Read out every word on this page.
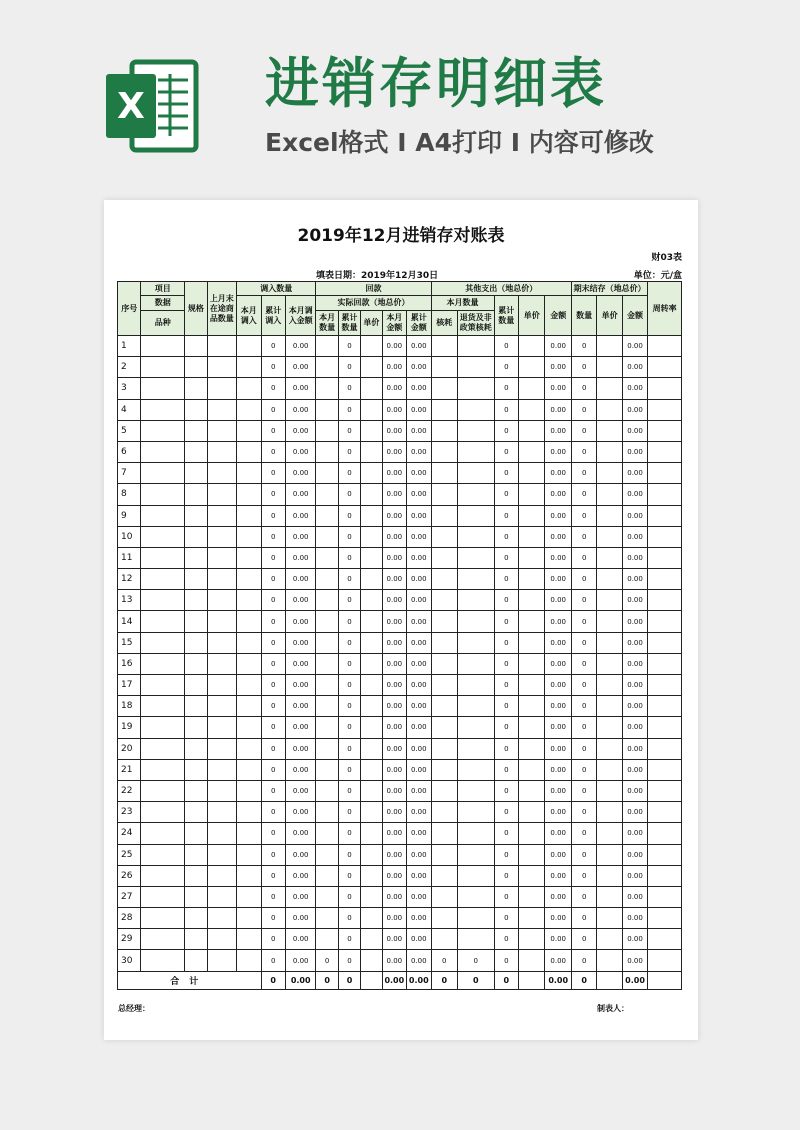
X 进销存明细表
Excel格式 I A4打印 I 内容可修改
2019年12月进销存对账表
财03表
填表日期：2019年12月30日	单位：元/盒
序号	项目	规格	上月末在途商品数量	调入数量			回款					其他支出（地总价）					期末结存（地总价）			周转率
	数据			本月调入	累计调入	本月调入金额	实际回款（地总价）					本月数量		累计数量	单价	金额	数量	单价	金额	
	品种						本月数量	累计数量	单价	本月金额	累计金额	核耗	退货及非政策核耗							
1					0	0.00		0		0.00	0.00			0		0.00	0		0.00	
2					0	0.00		0		0.00	0.00			0		0.00	0		0.00	
3					0	0.00		0		0.00	0.00			0		0.00	0		0.00	
4					0	0.00		0		0.00	0.00			0		0.00	0		0.00	
5					0	0.00		0		0.00	0.00			0		0.00	0		0.00	
6					0	0.00		0		0.00	0.00			0		0.00	0		0.00	
7					0	0.00		0		0.00	0.00			0		0.00	0		0.00	
8					0	0.00		0		0.00	0.00			0		0.00	0		0.00	
9					0	0.00		0		0.00	0.00			0		0.00	0		0.00	
10					0	0.00		0		0.00	0.00			0		0.00	0		0.00	
11					0	0.00		0		0.00	0.00			0		0.00	0		0.00	
12					0	0.00		0		0.00	0.00			0		0.00	0		0.00	
13					0	0.00		0		0.00	0.00			0		0.00	0		0.00	
14					0	0.00		0		0.00	0.00			0		0.00	0		0.00	
15					0	0.00		0		0.00	0.00			0		0.00	0		0.00	
16					0	0.00		0		0.00	0.00			0		0.00	0		0.00	
17					0	0.00		0		0.00	0.00			0		0.00	0		0.00	
18					0	0.00		0		0.00	0.00			0		0.00	0		0.00	
19					0	0.00		0		0.00	0.00			0		0.00	0		0.00	
20					0	0.00		0		0.00	0.00			0		0.00	0		0.00	
21					0	0.00		0		0.00	0.00			0		0.00	0		0.00	
22					0	0.00		0		0.00	0.00			0		0.00	0		0.00	
23					0	0.00		0		0.00	0.00			0		0.00	0		0.00	
24					0	0.00		0		0.00	0.00			0		0.00	0		0.00	
25					0	0.00		0		0.00	0.00			0		0.00	0		0.00	
26					0	0.00		0		0.00	0.00			0		0.00	0		0.00	
27					0	0.00		0		0.00	0.00			0		0.00	0		0.00	
28					0	0.00		0		0.00	0.00			0		0.00	0		0.00	
29					0	0.00		0		0.00	0.00			0		0.00	0		0.00	
30					0	0.00	0	0		0.00	0.00	0	0	0		0.00	0		0.00	
合计					0	0.00	0	0		0.00	0.00	0	0	0		0.00	0		0.00	
总经理：	制表人：
